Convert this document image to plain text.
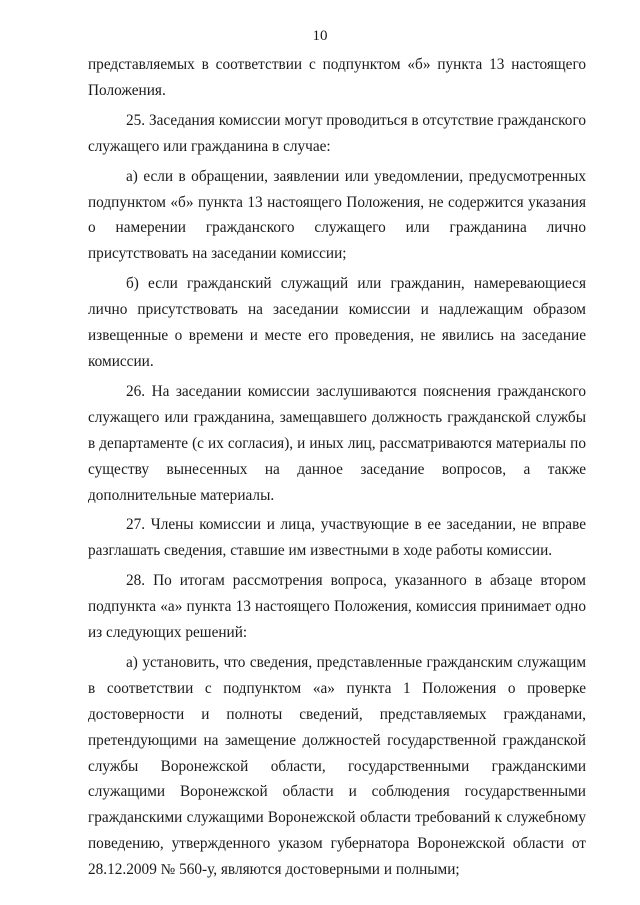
10

представляемых в соответствии с подпунктом «б» пункта 13 настоящего Положения.

25. Заседания комиссии могут проводиться в отсутствие гражданского служащего или гражданина в случае:

а) если в обращении, заявлении или уведомлении, предусмотренных подпунктом «б» пункта 13 настоящего Положения, не содержится указания о намерении гражданского служащего или гражданина лично присутствовать на заседании комиссии;

б) если гражданский служащий или гражданин, намеревающиеся лично присутствовать на заседании комиссии и надлежащим образом извещенные о времени и месте его проведения, не явились на заседание комиссии.

26. На заседании комиссии заслушиваются пояснения гражданского служащего или гражданина, замещавшего должность гражданской службы в департаменте (с их согласия), и иных лиц, рассматриваются материалы по существу вынесенных на данное заседание вопросов, а также дополнительные материалы.

27. Члены комиссии и лица, участвующие в ее заседании, не вправе разглашать сведения, ставшие им известными в ходе работы комиссии.

28. По итогам рассмотрения вопроса, указанного в абзаце втором подпункта «а» пункта 13 настоящего Положения, комиссия принимает одно из следующих решений:

а) установить, что сведения, представленные гражданским служащим в соответствии с подпунктом «а» пункта 1 Положения о проверке достоверности и полноты сведений, представляемых гражданами, претендующими на замещение должностей государственной гражданской службы Воронежской области, государственными гражданскими служащими Воронежской области и соблюдения государственными гражданскими служащими Воронежской области требований к служебному поведению, утвержденного указом губернатора Воронежской области от 28.12.2009 № 560-у, являются достоверными и полными;
